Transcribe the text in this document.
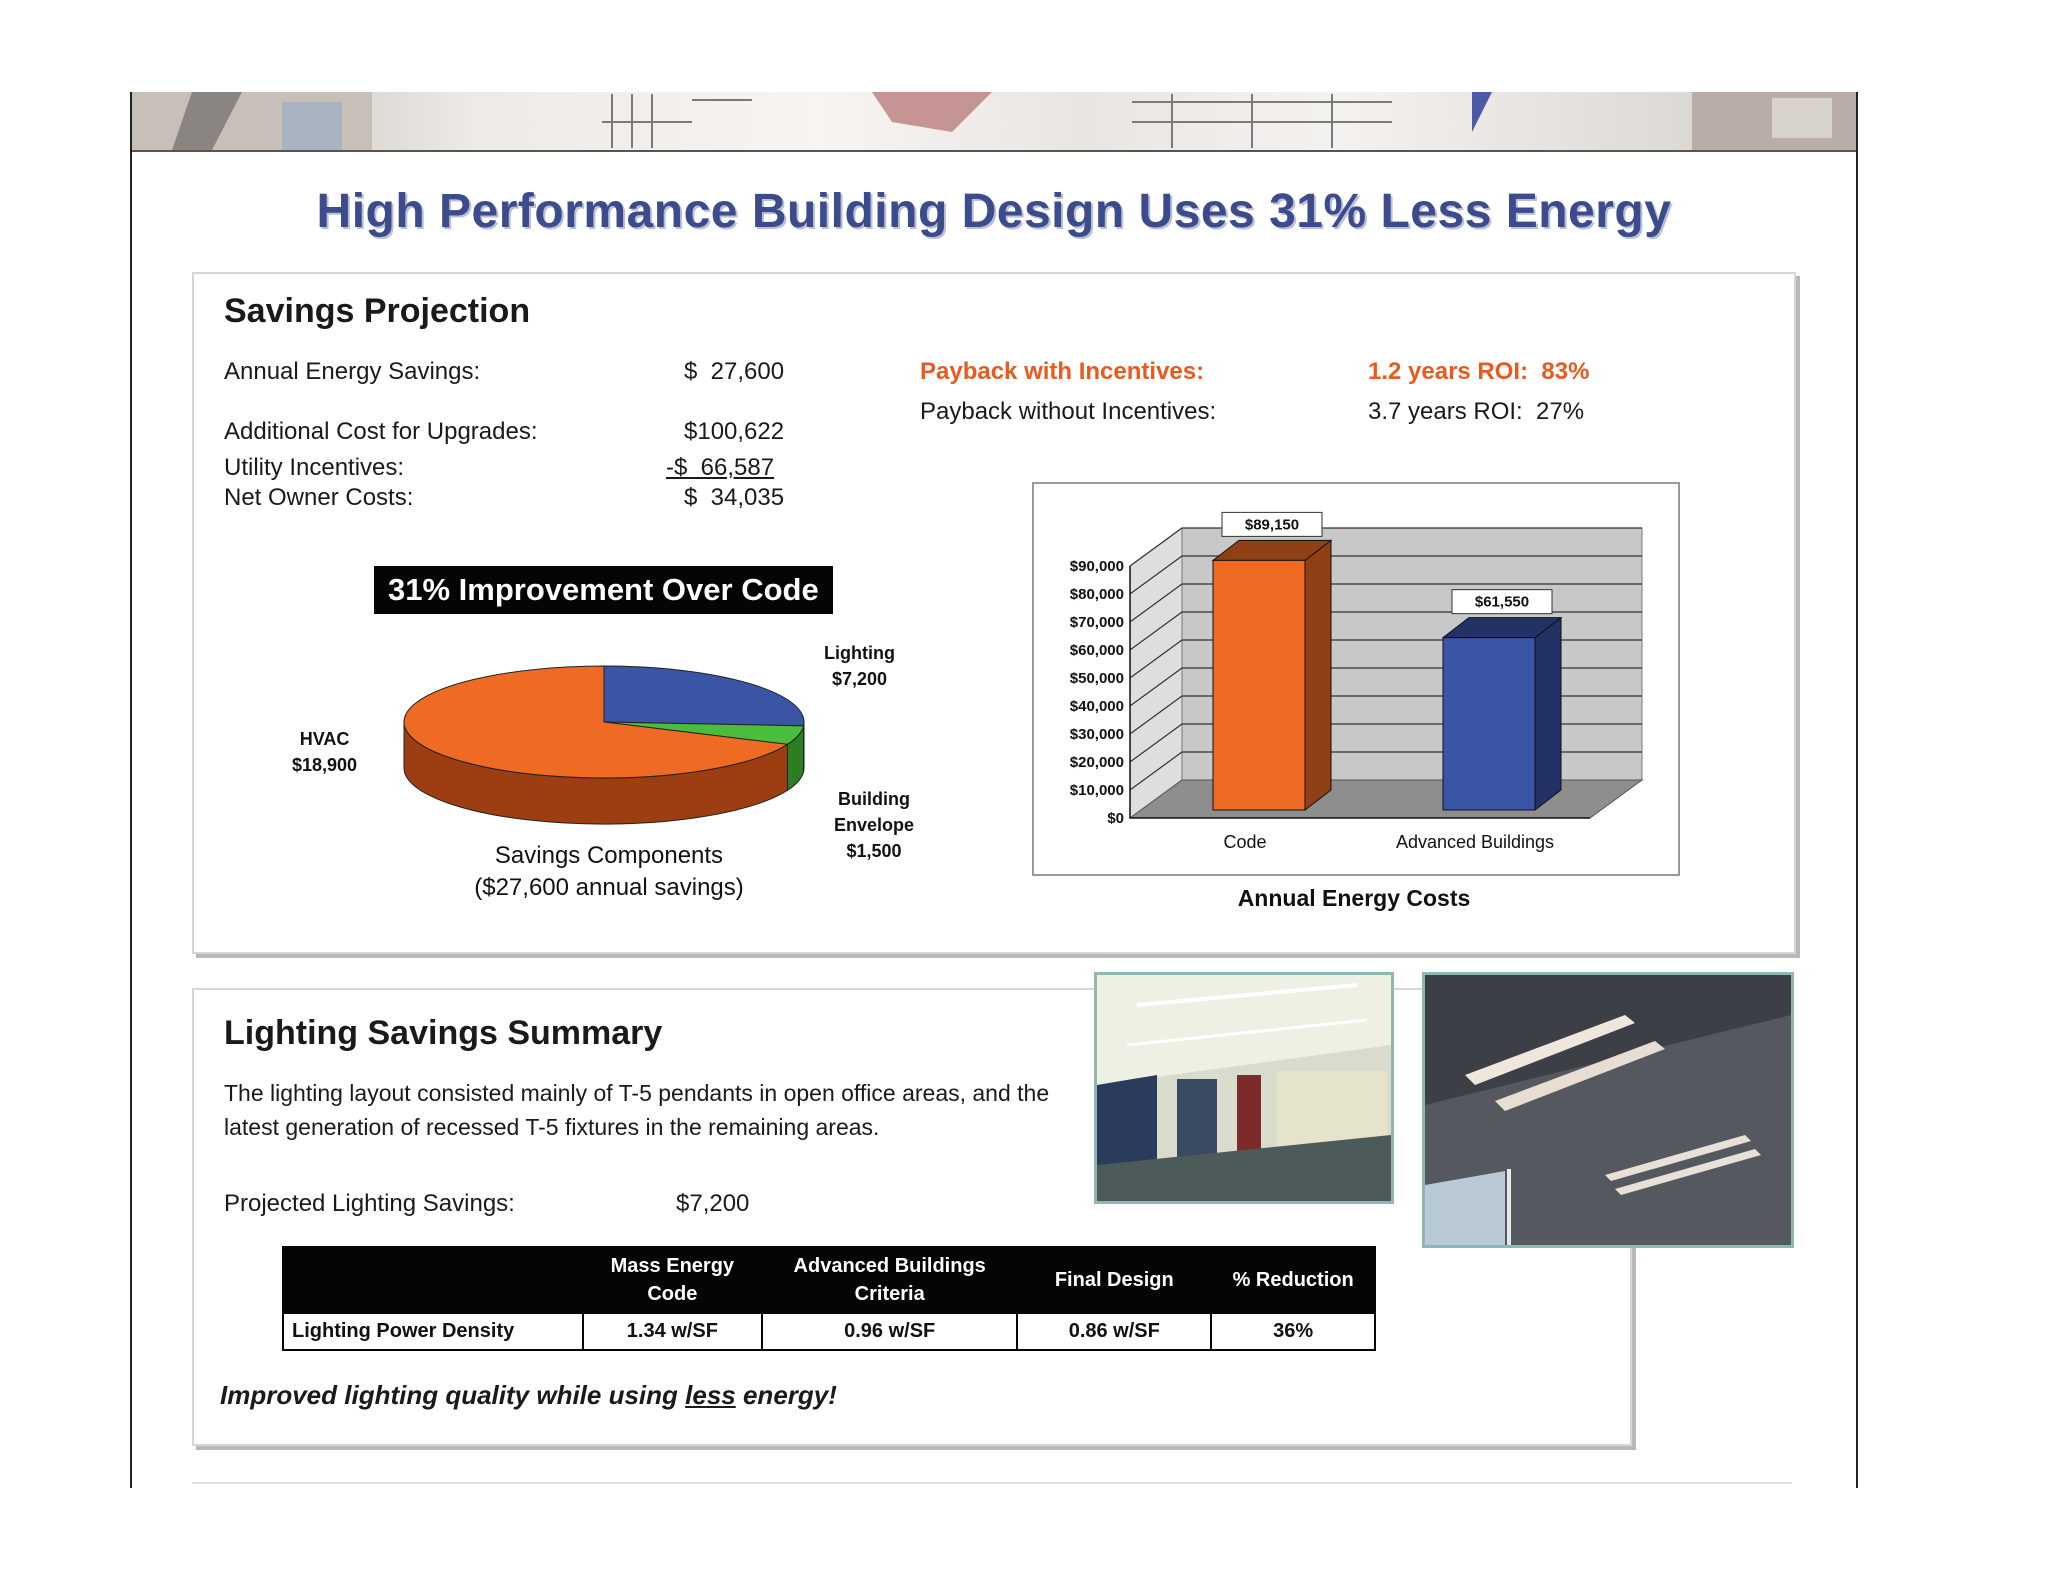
High Performance Building Design Uses 31% Less Energy
Savings Projection
Annual Energy Savings:	$  27,600
Additional Cost for Upgrades:	$100,622
Utility Incentives:	-$  66,587
Net Owner Costs:	$  34,035
Payback with Incentives:	1.2 years ROI:  83%
Payback without Incentives:	3.7 years ROI:  27%
31% Improvement Over Code
HVAC
$18,900
Lighting
$7,200
Building
Envelope
$1,500
Savings Components
($27,600 annual savings)
$0
$10,000
$20,000
$30,000
$40,000
$50,000
$60,000
$70,000
$80,000
$90,000
$89,150
Code
$61,550
Advanced Buildings
Annual Energy Costs
Lighting Savings Summary
The lighting layout consisted mainly of T-5 pendants in open office areas, and the latest generation of recessed T-5 fixtures in the remaining areas.
Projected Lighting Savings:	$7,200
	Mass Energy Code	Advanced Buildings Criteria	Final Design	% Reduction
Lighting Power Density	1.34 w/SF	0.96 w/SF	0.86 w/SF	36%
Improved lighting quality while using less energy!
